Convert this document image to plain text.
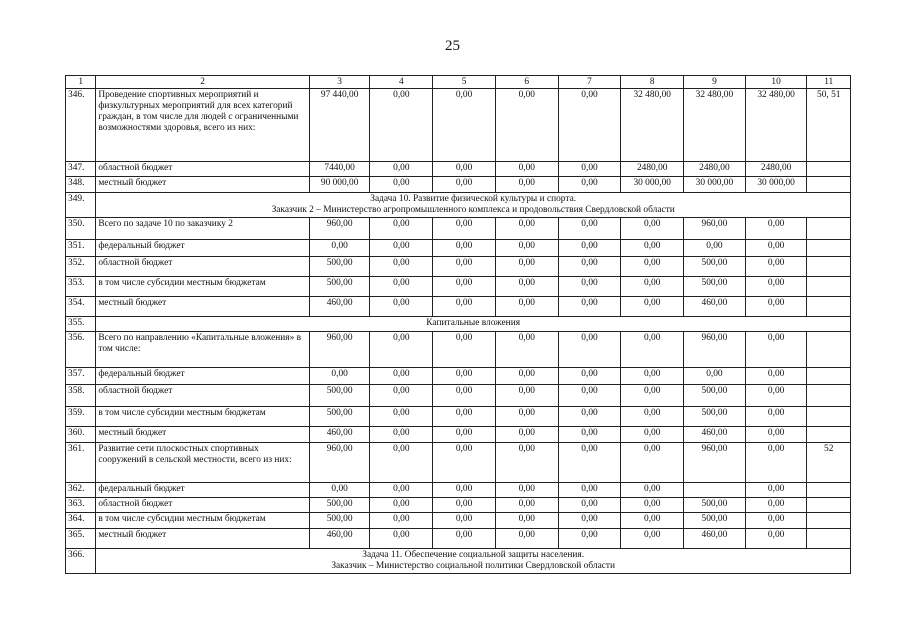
25
1	2	3	4	5	6	7	8	9	10	11
346.	Проведение спортивных мероприятий и физкультурных мероприятий для всех категорий граждан, в том числе для людей с ограниченными возможностями здоровья, всего из них:	97 440,00	0,00	0,00	0,00	0,00	32 480,00	32 480,00	32 480,00	50, 51
347.	областной бюджет	7440,00	0,00	0,00	0,00	0,00	2480,00	2480,00	2480,00	
348.	местный бюджет	90 000,00	0,00	0,00	0,00	0,00	30 000,00	30 000,00	30 000,00	
349.	Задача 10. Развитие физической культуры и спорта.
Заказчик 2 – Министерство агропромышленного комплекса и продовольствия Свердловской области									

350.	Всего по задаче 10 по заказчику 2	960,00	0,00	0,00	0,00	0,00	0,00	960,00	0,00	
351.	федеральный бюджет	0,00	0,00	0,00	0,00	0,00	0,00	0,00	0,00	
352.	областной бюджет	500,00	0,00	0,00	0,00	0,00	0,00	500,00	0,00	
353.	в том числе субсидии местным бюджетам	500,00	0,00	0,00	0,00	0,00	0,00	500,00	0,00	
354.	местный бюджет	460,00	0,00	0,00	0,00	0,00	0,00	460,00	0,00	
355.	Капитальные вложения									

356.	Всего по направлению «Капитальные вложения» в том числе:	960,00	0,00	0,00	0,00	0,00	0,00	960,00	0,00	
357.	федеральный бюджет	0,00	0,00	0,00	0,00	0,00	0,00	0,00	0,00	
358.	областной бюджет	500,00	0,00	0,00	0,00	0,00	0,00	500,00	0,00	
359.	в том числе субсидии местным бюджетам	500,00	0,00	0,00	0,00	0,00	0,00	500,00	0,00	
360.	местный бюджет	460,00	0,00	0,00	0,00	0,00	0,00	460,00	0,00	
361.	Развитие сети плоскостных спортивных сооружений в сельской местности, всего из них:	960,00	0,00	0,00	0,00	0,00	0,00	960,00	0,00	52
362.	федеральный бюджет	0,00	0,00	0,00	0,00	0,00	0,00		0,00	
363.	областной бюджет	500,00	0,00	0,00	0,00	0,00	0,00	500,00	0,00	
364.	в том числе субсидии местным бюджетам	500,00	0,00	0,00	0,00	0,00	0,00	500,00	0,00	
365.	местный бюджет	460,00	0,00	0,00	0,00	0,00	0,00	460,00	0,00	
366.	Задача 11. Обеспечение социальной защиты населения.
Заказчик – Министерство социальной политики Свердловской области									
